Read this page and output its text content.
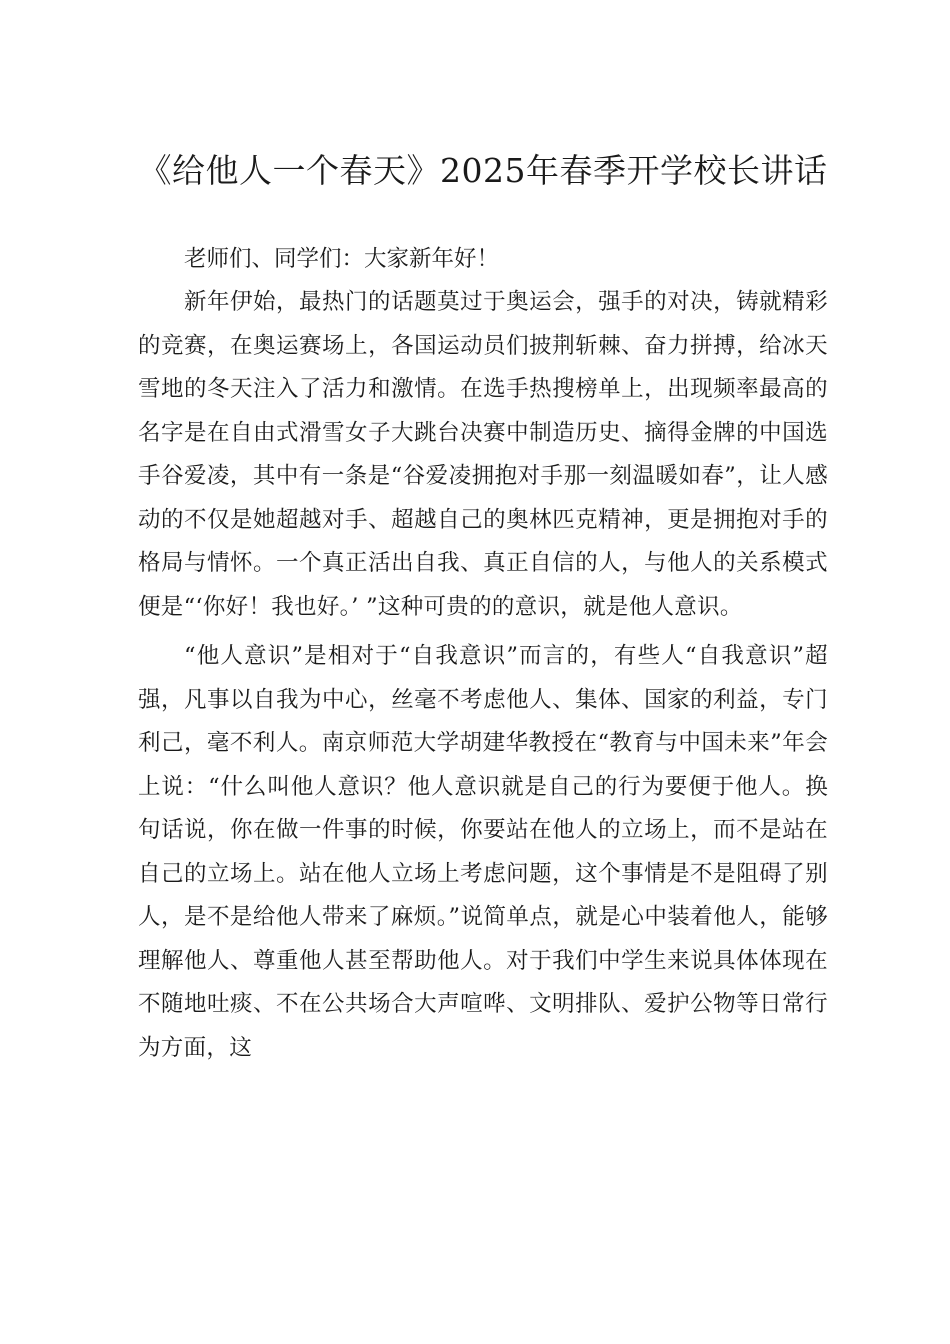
《给他人一个春天》2025年春季开学校长讲话

老师们、同学们：大家新年好！

新年伊始，最热门的话题莫过于奥运会，强手的对决，铸就精彩的竞赛，在奥运赛场上，各国运动员们披荆斩棘、奋力拼搏，给冰天雪地的冬天注入了活力和激情。在选手热搜榜单上，出现频率最高的名字是在自由式滑雪女子大跳台决赛中制造历史、摘得金牌的中国选手谷爱凌，其中有一条是“谷爱凌拥抱对手那一刻温暖如春”，让人感动的不仅是她超越对手、超越自己的奥林匹克精神，更是拥抱对手的格局与情怀。一个真正活出自我、真正自信的人，与他人的关系模式便是“‘你好！我也好。’ ”这种可贵的的意识，就是他人意识。

“他人意识”是相对于“自我意识”而言的，有些人“自我意识”超强，凡事以自我为中心，丝毫不考虑他人、集体、国家的利益，专门利己，毫不利人。南京师范大学胡建华教授在“教育与中国未来”年会上说：“什么叫他人意识？他人意识就是自己的行为要便于他人。换句话说，你在做一件事的时候，你要站在他人的立场上，而不是站在自己的立场上。站在他人立场上考虑问题，这个事情是不是阻碍了别人，是不是给他人带来了麻烦。”说简单点，就是心中装着他人，能够理解他人、尊重他人甚至帮助他人。对于我们中学生来说具体体现在不随地吐痰、不在公共场合大声喧哗、文明排队、爱护公物等日常行为方面，这
